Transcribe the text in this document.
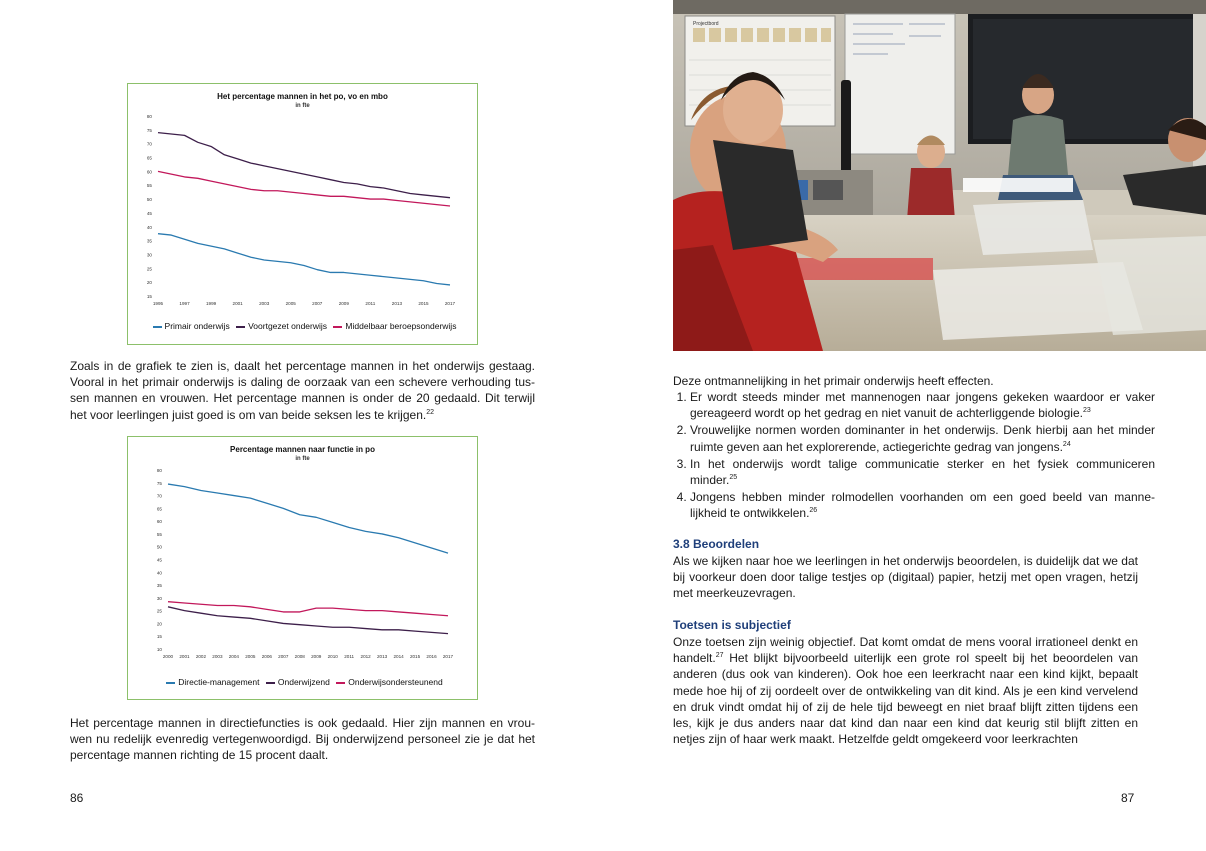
15
20
25
30
35
40
45
50
55
60
65
70
75
80
1995	1997	1999	2001	2003	2005	2007	2009	2011	2013	2015	2017
Het percentage mannen in het po, vo en mbo
in fte
Primair onderwijs Voortgezet onderwijs Middelbaar beroepsonderwijs

Zoals in de grafiek te zien is, daalt het percentage mannen in het onderwijs gestaag. Vooral in het primair onderwijs is daling de oorzaak van een schevere verhouding tussen mannen en vrouwen. Het percentage mannen is onder de 20 gedaald. Dit terwijl het voor leerlingen juist goed is om van beide seksen les te krijgen.$^{22}$

10
15
20
25
30
35
40
45
50
55
60
65
70
75
80
2000 2001 2002 2003 2004 2005 2006 2007 2008 2009 2010 2011 2012 2013 2014 2015 2016 2017
Percentage mannen naar functie in po
in fte
Directie-management Onderwijzend Onderwijsondersteunend

Het percentage mannen in directiefuncties is ook gedaald. Hier zijn mannen en vrouwen nu redelijk evenredig vertegenwoordigd. Bij onderwijzend personeel zie je dat het percentage mannen richting de 15 procent daalt.

86
Projectbord

Deze ontmannelijking in het primair onderwijs heeft effecten.

1. Er wordt steeds minder met mannenogen naar jongens gekeken waardoor er vaker gereageerd wordt op het gedrag en niet vanuit de achterliggende biologie.$^{23}$
2. Vrouwelijke normen worden dominanter in het onderwijs. Denk hierbij aan het minder ruimte geven aan het explorerende, actiegerichte gedrag van jongens.$^{24}$
3. In het onderwijs wordt talige communicatie sterker en het fysiek communiceren minder.$^{25}$
4. Jongens hebben minder rolmodellen voorhanden om een goed beeld van mannelijkheid te ontwikkelen.$^{26}$
3.8 Beoordelen

Als we kijken naar hoe we leerlingen in het onderwijs beoordelen, is duidelijk dat we dat bij voorkeur doen door talige testjes op (digitaal) papier, hetzij met open vragen, hetzij met meerkeuzevragen.

Toetsen is subjectief

Onze toetsen zijn weinig objectief. Dat komt omdat de mens vooral irrationeel denkt en handelt.$^{27}$ Het blijkt bijvoorbeeld uiterlijk een grote rol speelt bij het beoordelen van anderen (dus ook van kinderen). Ook hoe een leerkracht naar een kind kijkt, bepaalt mede hoe hij of zij oordeelt over de ontwikkeling van dit kind. Als je een kind vervelend en druk vindt omdat hij of zij de hele tijd beweegt en niet braaf blijft zitten tijdens een les, kijk je dus anders naar dat kind dan naar een kind dat keurig stil blijft zitten en netjes zijn of haar werk maakt. Hetzelfde geldt omgekeerd voor leerkrachten

87
